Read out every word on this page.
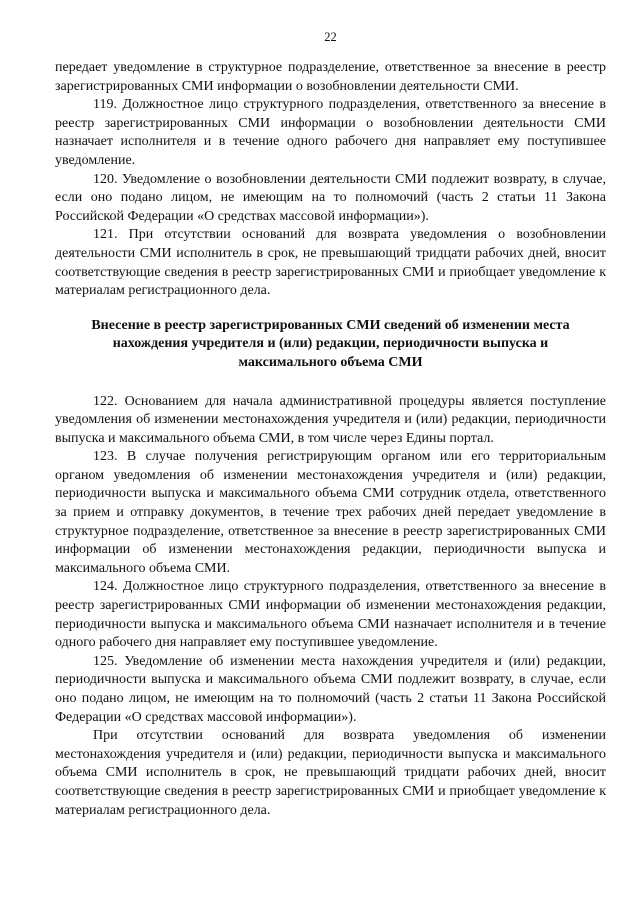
22

передает уведомление в структурное подразделение, ответственное за внесение в реестр зарегистрированных СМИ информации о возобновлении деятельности СМИ.

119. Должностное лицо структурного подразделения, ответственного за внесение в реестр зарегистрированных СМИ информации о возобновлении деятельности СМИ назначает исполнителя и в течение одного рабочего дня направляет ему поступившее уведомление.

120. Уведомление о возобновлении деятельности СМИ подлежит возврату, в случае, если оно подано лицом, не имеющим на то полномочий (часть 2 статьи 11 Закона Российской Федерации «О средствах массовой информации»).

121. При отсутствии оснований для возврата уведомления о возобновлении деятельности СМИ исполнитель в срок, не превышающий тридцати рабочих дней, вносит соответствующие сведения в реестр зарегистрированных СМИ и приобщает уведомление к материалам регистрационного дела.

Внесение в реестр зарегистрированных СМИ сведений об изменении места нахождения учредителя и (или) редакции, периодичности выпуска и максимального объема СМИ

122. Основанием для начала административной процедуры является поступление уведомления об изменении местонахождения учредителя и (или) редакции, периодичности выпуска и максимального объема СМИ, в том числе через Едины портал.

123. В случае получения регистрирующим органом или его территориальным органом уведомления об изменении местонахождения учредителя и (или) редакции, периодичности выпуска и максимального объема СМИ сотрудник отдела, ответственного за прием и отправку документов, в течение трех рабочих дней передает уведомление в структурное подразделение, ответственное за внесение в реестр зарегистрированных СМИ информации об изменении местонахождения редакции, периодичности выпуска и максимального объема СМИ.

124. Должностное лицо структурного подразделения, ответственного за внесение в реестр зарегистрированных СМИ информации об изменении местонахождения редакции, периодичности выпуска и максимального объема СМИ назначает исполнителя и в течение одного рабочего дня направляет ему поступившее уведомление.

125. Уведомление об изменении места нахождения учредителя и (или) редакции, периодичности выпуска и максимального объема СМИ подлежит возврату, в случае, если оно подано лицом, не имеющим на то полномочий (часть 2 статьи 11 Закона Российской Федерации «О средствах массовой информации»).

При отсутствии оснований для возврата уведомления об изменении местонахождения учредителя и (или) редакции, периодичности выпуска и максимального объема СМИ исполнитель в срок, не превышающий тридцати рабочих дней, вносит соответствующие сведения в реестр зарегистрированных СМИ и приобщает уведомление к материалам регистрационного дела.
